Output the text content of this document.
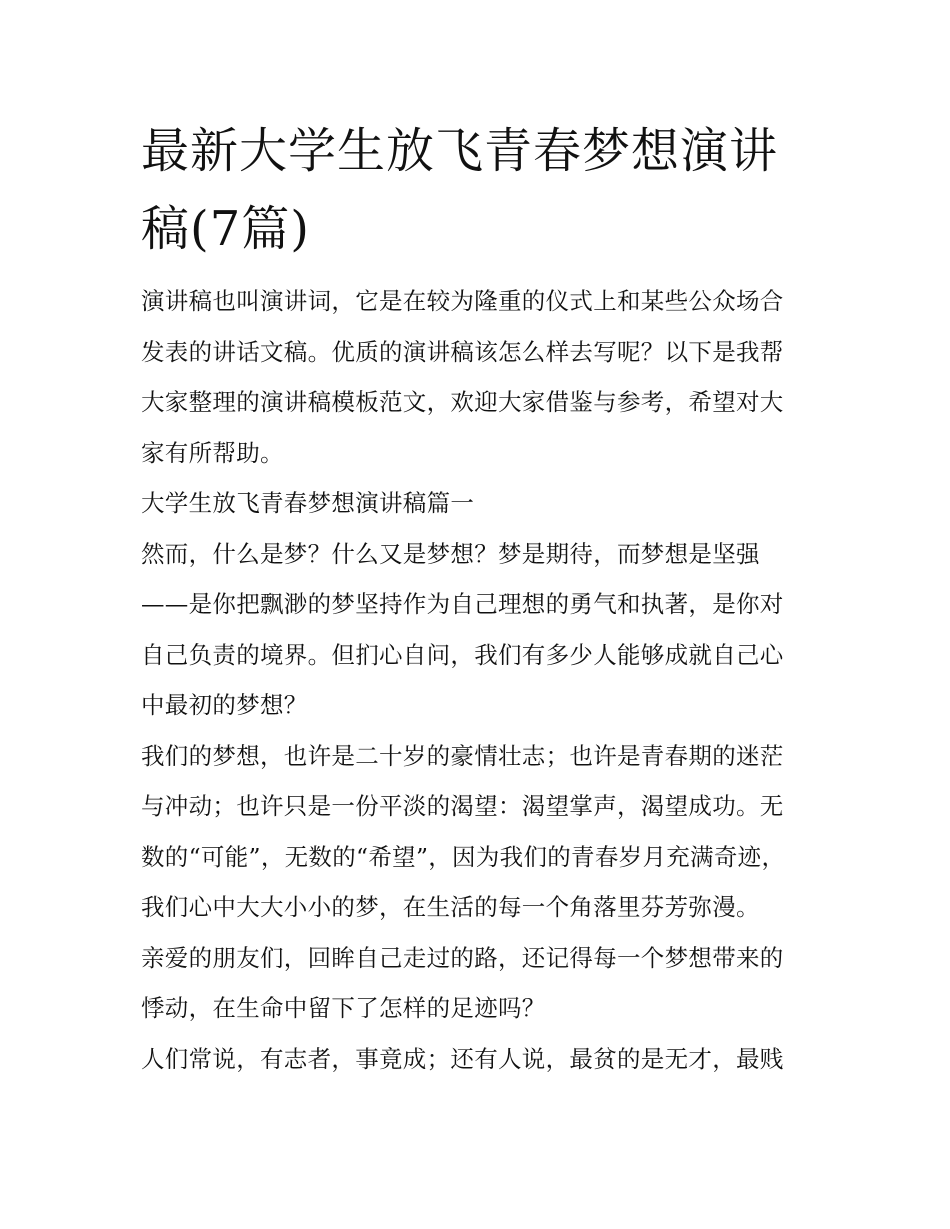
最新大学生放飞青春梦想演讲
稿(7篇)

演讲稿也叫演讲词，它是在较为隆重的仪式上和某些公众场合
发表的讲话文稿。优质的演讲稿该怎么样去写呢？以下是我帮
大家整理的演讲稿模板范文，欢迎大家借鉴与参考，希望对大
家有所帮助。

大学生放飞青春梦想演讲稿篇一

然而，什么是梦？什么又是梦想？梦是期待，而梦想是坚强
——是你把飘渺的梦坚持作为自己理想的勇气和执著，是你对
自己负责的境界。但扪心自问，我们有多少人能够成就自己心
中最初的梦想？

我们的梦想，也许是二十岁的豪情壮志；也许是青春期的迷茫
与冲动；也许只是一份平淡的渴望：渴望掌声，渴望成功。无
数的“可能”，无数的“希望”，因为我们的青春岁月充满奇迹，
我们心中大大小小的梦，在生活的每一个角落里芬芳弥漫。

亲爱的朋友们，回眸自己走过的路，还记得每一个梦想带来的
悸动，在生命中留下了怎样的足迹吗？

人们常说，有志者，事竟成；还有人说，最贫的是无才，最贱
